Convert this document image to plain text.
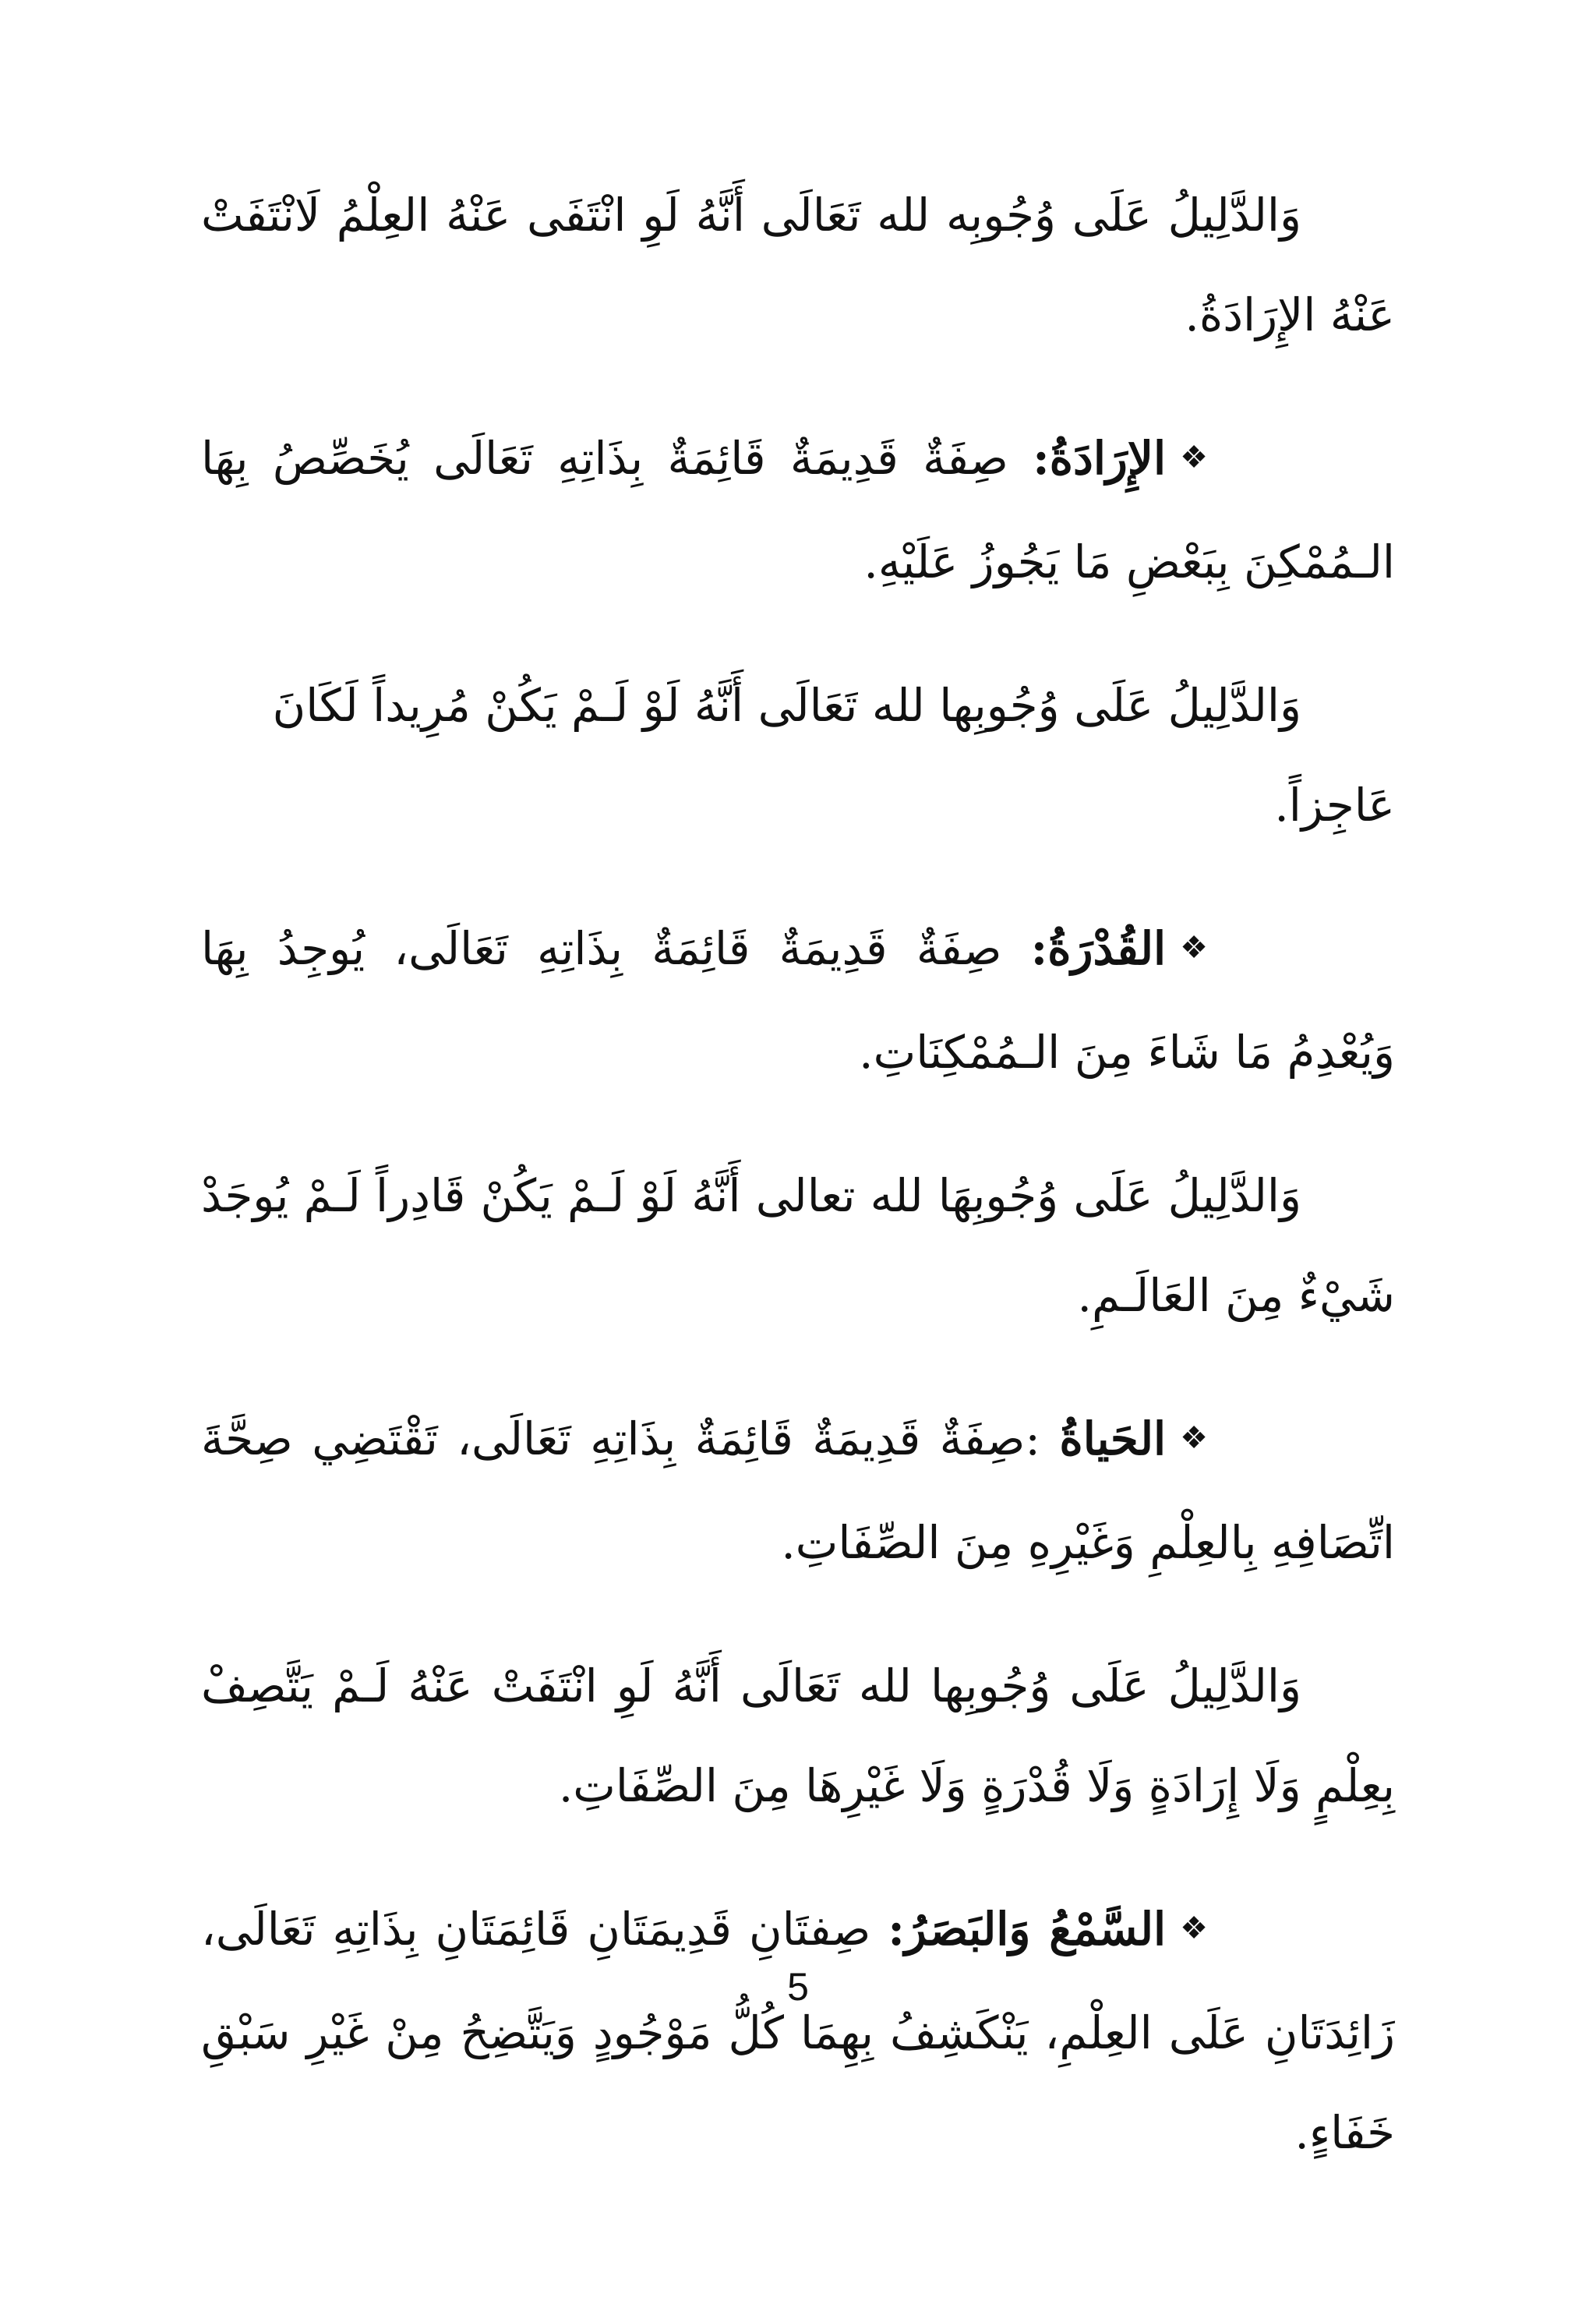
وَالدَّلِيلُ عَلَى وُجُوبِه لله تَعَالَى أَنَّهُ لَوِ انْتَفَى عَنْهُ العِلْمُ لَانْتَفَتْ عَنْهُ الإِرَادَةُ.

❖الإِرَادَةُ: صِفَةٌ قَدِيمَةٌ قَائِمَةٌ بِذَاتِهِ تَعَالَى يُخَصِّصُ بِهَا الـمُمْكِنَ بِبَعْضِ مَا يَجُوزُ عَلَيْهِ.

وَالدَّلِيلُ عَلَى وُجُوبِها لله تَعَالَى أَنَّهُ لَوْ لَـمْ يَكُنْ مُرِيداً لَكَانَ عَاجِزاً.

❖القُدْرَةُ: صِفَةٌ قَدِيمَةٌ قَائِمَةٌ بِذَاتِهِ تَعَالَى، يُوجِدُ بِهَا وَيُعْدِمُ مَا شَاءَ مِنَ الـمُمْكِنَاتِ.

وَالدَّلِيلُ عَلَى وُجُوبِهَا لله تعالى أَنَّهُ لَوْ لَـمْ يَكُنْ قَادِراً لَـمْ يُوجَدْ شَيْءٌ مِنَ العَالَـمِ.

❖الحَياةُ :صِفَةٌ قَدِيمَةٌ قَائِمَةٌ بِذَاتِهِ تَعَالَى، تَقْتَضِي صِحَّةَ اتِّصَافِهِ بِالعِلْمِ وَغَيْرِهِ مِنَ الصِّفَاتِ.

وَالدَّلِيلُ عَلَى وُجُوبِها لله تَعَالَى أَنَّهُ لَوِ انْتَفَتْ عَنْهُ لَـمْ يَتَّصِفْ بِعِلْمٍ وَلَا إِرَادَةٍ وَلَا قُدْرَةٍ وَلَا غَيْرِهَا مِنَ الصِّفَاتِ.

❖السَّمْعُ وَالبَصَرُ: صِفتَانِ قَدِيمَتَانِ قَائِمَتَانِ بِذَاتِهِ تَعَالَى، زَائِدَتَانِ عَلَى العِلْمِ، يَنْكَشِفُ بِهِمَا كُلُّ مَوْجُودٍ وَيَتَّضِحُ مِنْ غَيْرِ سَبْقِ خَفَاءٍ.

5
